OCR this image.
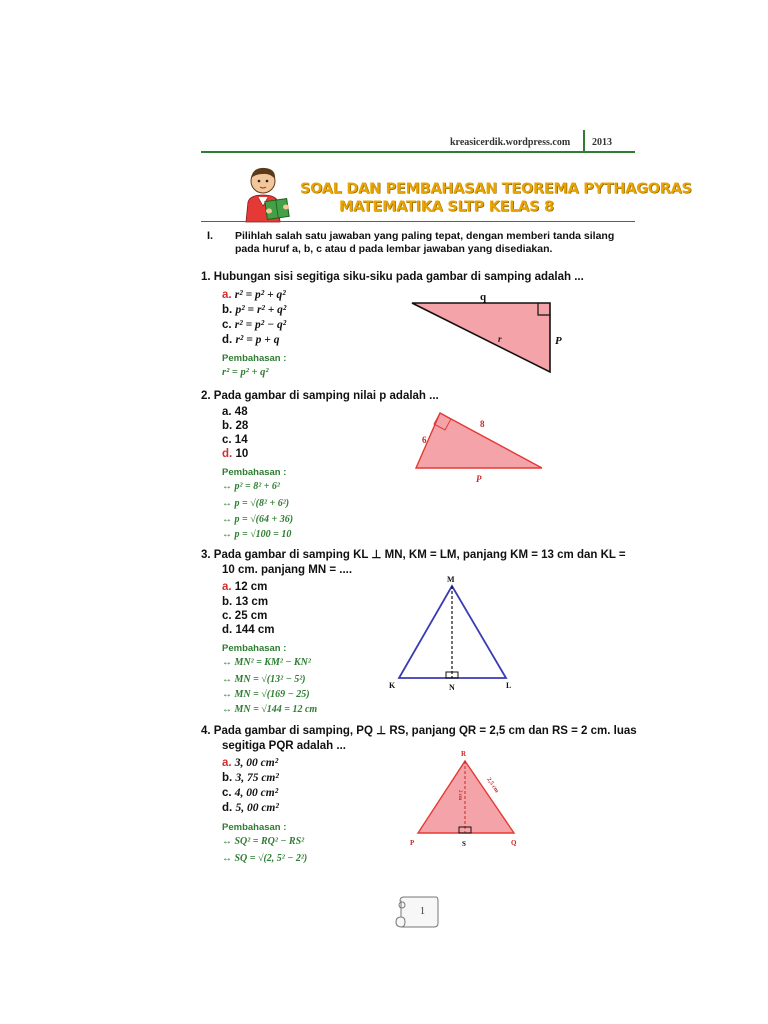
kreasicerdik.wordpress.com 2013
SOAL DAN PEMBAHASAN TEOREMA PYTHAGORAS
MATEMATIKA SLTP KELAS 8
I. Pilihlah salah satu jawaban yang paling tepat, dengan memberi tanda silang pada huruf a, b, c atau d pada lembar jawaban yang disediakan.
1. Hubungan sisi segitiga siku-siku pada gambar di samping adalah ...
a. r² = p² + q²
b. p² = r² + q²
c. r² = p² − q²
d. r² = p + q
Pembahasan :
r² = p² + q²
q
r	P
2. Pada gambar di samping nilai p adalah ...
a. 48
b. 28
c. 14
d. 10
Pembahasan :
↔ p² = 8² + 6²
↔ p = √(8² + 6²)
↔ p = √(64 + 36)
↔ p = √100 = 10
8
6
P
3. Pada gambar di samping KL ⊥ MN, KM = LM, panjang KM = 13 cm dan KL =
10 cm. panjang MN = ....
a. 12 cm
b. 13 cm
c. 25 cm
d. 144 cm
Pembahasan :
↔ MN² = KM² − KN²
↔ MN = √(13² − 5²)
↔ MN = √(169 − 25)
↔ MN = √144 = 12 cm
M
K	N	L
4. Pada gambar di samping, PQ ⊥ RS, panjang QR = 2,5 cm dan RS = 2 cm. luas
segitiga PQR adalah ...
a. 3, 00 cm²
b. 3, 75 cm²
c. 4, 00 cm²
d. 5, 00 cm²
Pembahasan :
↔ SQ² = RQ² − RS²
↔ SQ = √(2, 5² − 2²)
R
P	S	Q
2,5 cm
2 cm
1
